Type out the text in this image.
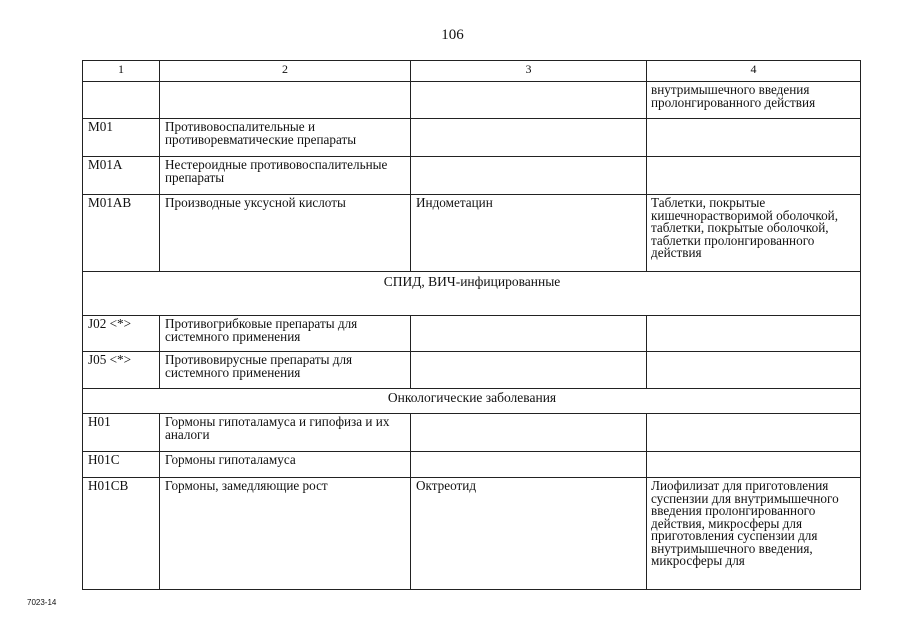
106
1	2	3	4
			внутримышечного введения пролонгированного действия
M01	Противовоспалительные и противоревматические препараты		
M01A	Нестероидные противовоспалительные препараты		
M01AB	Производные уксусной кислоты	Индометацин	Таблетки, покрытые кишечнорастворимой оболочкой, таблетки, покрытые оболочкой, таблетки пролонгированного действия
СПИД, ВИЧ-инфицированные			
J02 <*>	Противогрибковые препараты для системного применения		
J05 <*>	Противовирусные препараты для системного применения		
Онкологические заболевания			
H01	Гормоны гипоталамуса и гипофиза и их аналоги		
H01C	Гормоны гипоталамуса		
H01CB	Гормоны, замедляющие рост	Октреотид	Лиофилизат для приготовления суспензии для внутримышечного введения пролонгированного действия, микросферы для приготовления суспензии для внутримышечного введения, микросферы для
7023-14
